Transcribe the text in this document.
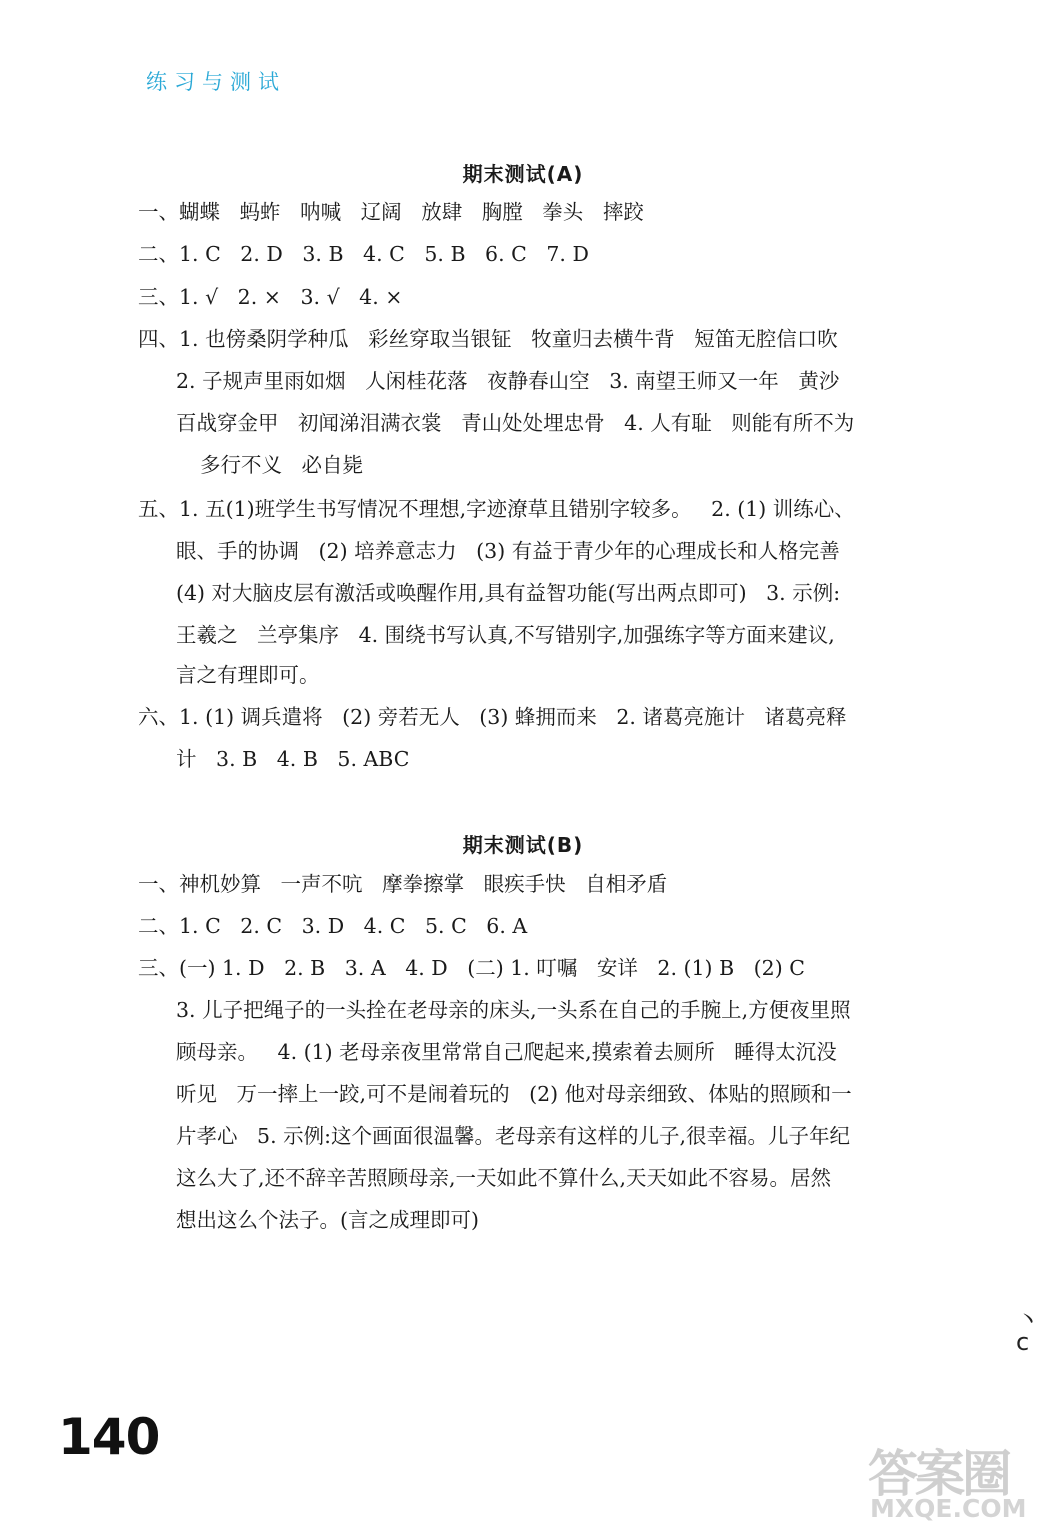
练习与测试
期末测试(A)
一、蝴蝶   蚂蚱   呐喊   辽阔   放肆   胸膛   拳头   摔跤
二、1. C   2. D   3. B   4. C   5. B   6. C   7. D
三、1. √   2. ×   3. √   4. ×
四、1. 也傍桑阴学种瓜   彩丝穿取当银钲   牧童归去横牛背   短笛无腔信口吹
2. 子规声里雨如烟   人闲桂花落   夜静春山空   3. 南望王师又一年   黄沙
百战穿金甲   初闻涕泪满衣裳   青山处处埋忠骨   4. 人有耻   则能有所不为
多行不义   必自毙
五、1. 五(1)班学生书写情况不理想,字迹潦草且错别字较多。   2. (1) 训练心、
眼、手的协调   (2) 培养意志力   (3) 有益于青少年的心理成长和人格完善
(4) 对大脑皮层有激活或唤醒作用,具有益智功能(写出两点即可)   3. 示例:
王羲之   兰亭集序   4. 围绕书写认真,不写错别字,加强练字等方面来建议,
言之有理即可。
六、1. (1) 调兵遣将   (2) 旁若无人   (3) 蜂拥而来   2. 诸葛亮施计   诸葛亮释
计   3. B   4. B   5. ABC
期末测试(B)
一、神机妙算   一声不吭   摩拳擦掌   眼疾手快   自相矛盾
二、1. C   2. C   3. D   4. C   5. C   6. A
三、(一) 1. D   2. B   3. A   4. D   (二) 1. 叮嘱   安详   2. (1) B   (2) C
3. 儿子把绳子的一头拴在老母亲的床头,一头系在自己的手腕上,方便夜里照
顾母亲。   4. (1) 老母亲夜里常常自己爬起来,摸索着去厕所   睡得太沉没
听见   万一摔上一跤,可不是闹着玩的   (2) 他对母亲细致、体贴的照顾和一
片孝心   5. 示例:这个画面很温馨。老母亲有这样的儿子,很幸福。儿子年纪
这么大了,还不辞辛苦照顾母亲,一天如此不算什么,天天如此不容易。居然
想出这么个法子。(言之成理即可)
丶
c
140
答案圈
MXQE.COM
